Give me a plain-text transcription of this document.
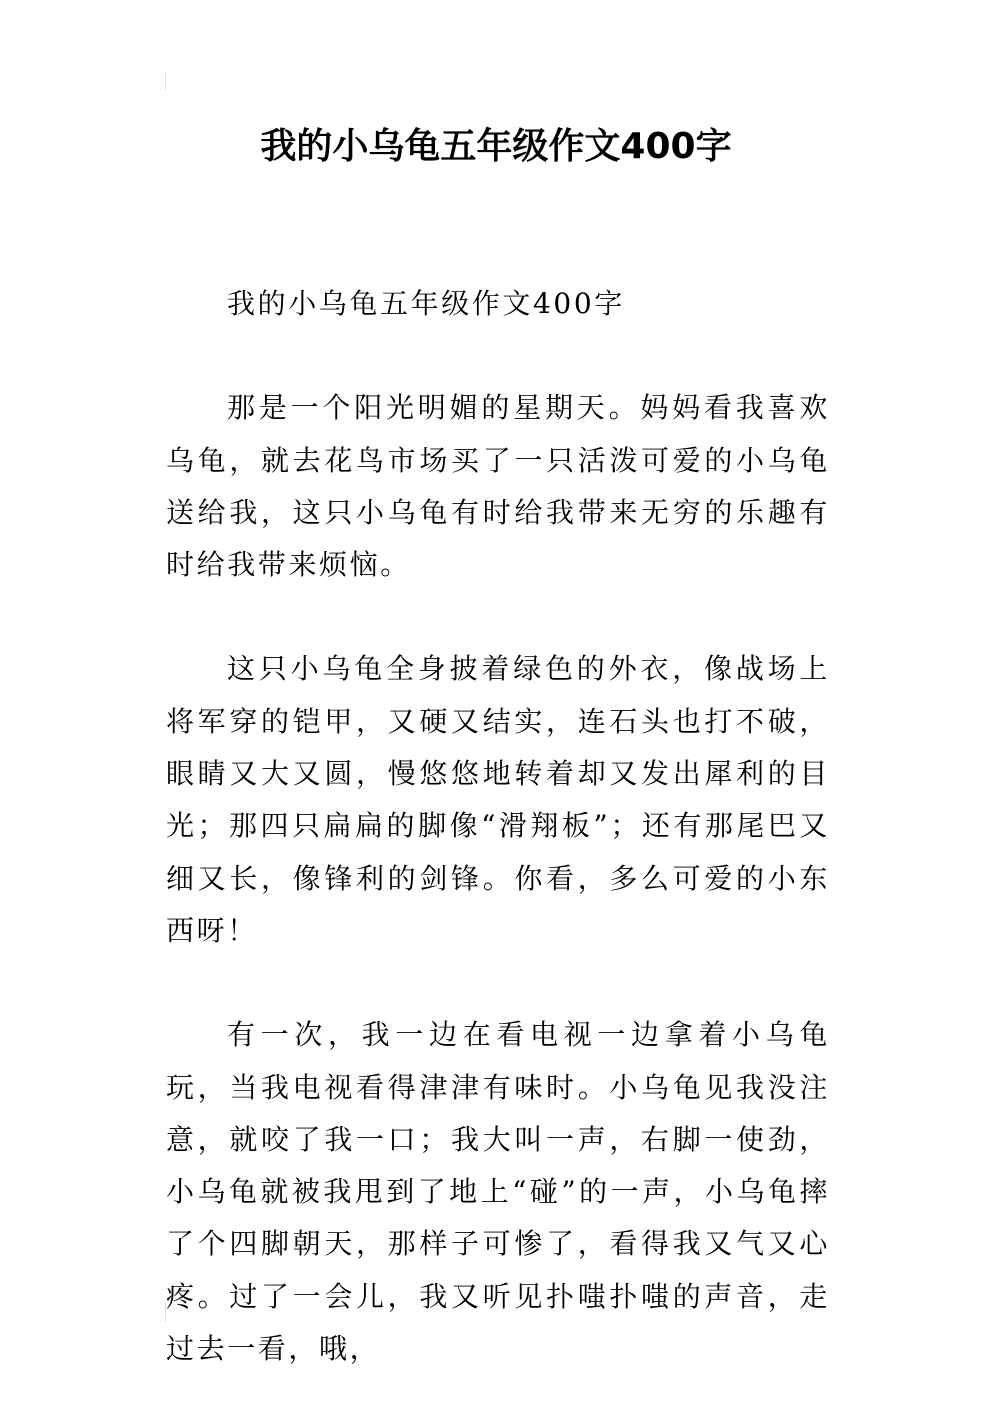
我的小乌龟五年级作文400字

我的小乌龟五年级作文400字

那是一个阳光明媚的星期天。妈妈看我喜欢乌龟，就去花鸟市场买了一只活泼可爱的小乌龟送给我，这只小乌龟有时给我带来无穷的乐趣有时给我带来烦恼。

这只小乌龟全身披着绿色的外衣，像战场上将军穿的铠甲，又硬又结实，连石头也打不破，眼睛又大又圆，慢悠悠地转着却又发出犀利的目光；那四只扁扁的脚像“滑翔板”；还有那尾巴又细又长，像锋利的剑锋。你看，多么可爱的小东西呀！

有一次，我一边在看电视一边拿着小乌龟玩，当我电视看得津津有味时。小乌龟见我没注意，就咬了我一口；我大叫一声，右脚一使劲，小乌龟就被我甩到了地上“碰”的一声，小乌龟摔了个四脚朝天，那样子可惨了，看得我又气又心疼。过了一会儿，我又听见扑嗤扑嗤的声音，走过去一看，哦，
